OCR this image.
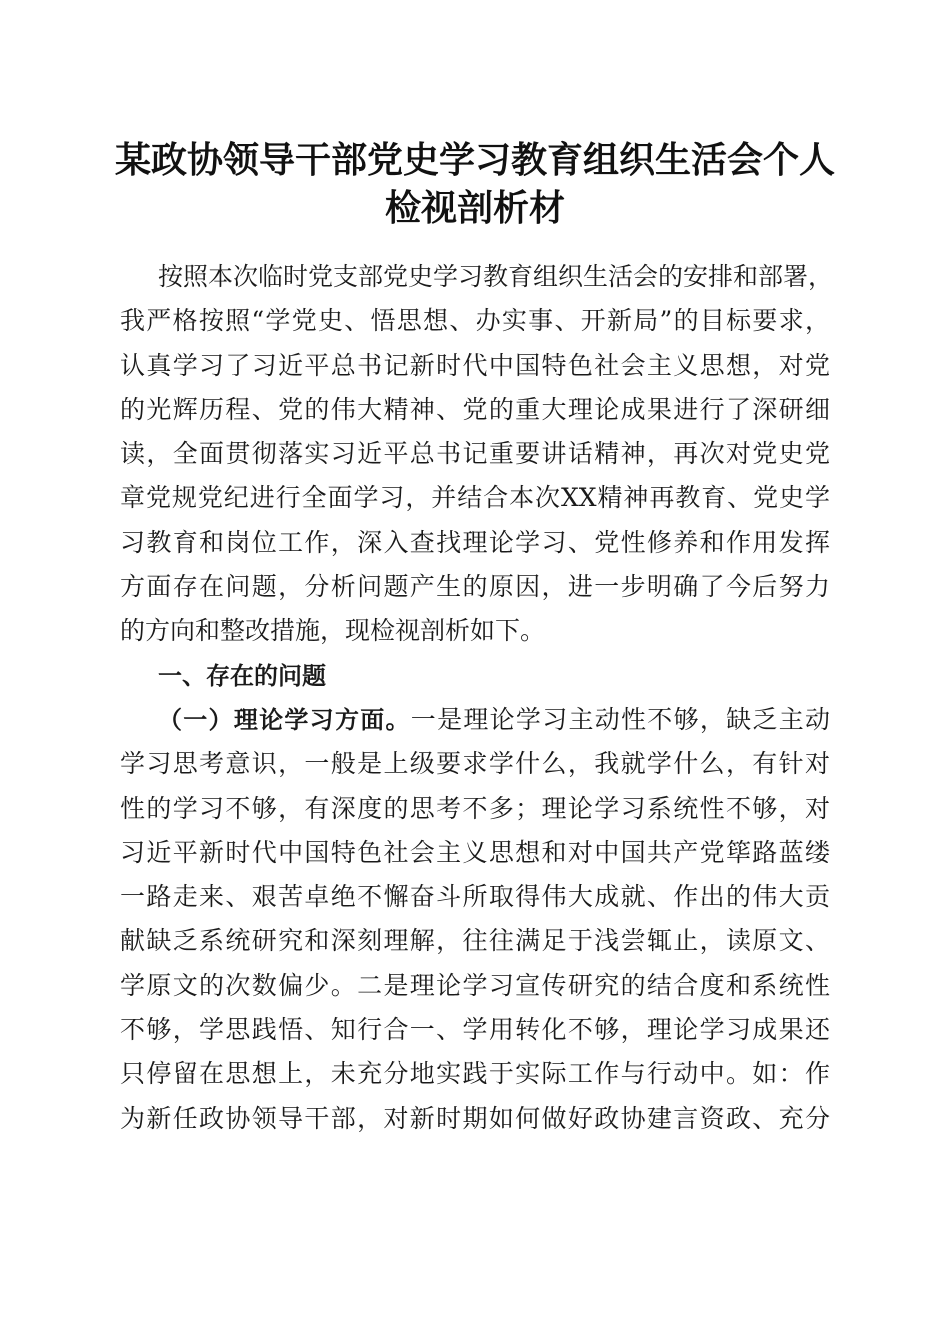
某政协领导干部党史学习教育组织生活会个人
检视剖析材
按照本次临时党支部党史学习教育组织生活会的安排和部署，
我严格按照“学党史、悟思想、办实事、开新局”的目标要求，
认真学习了习近平总书记新时代中国特色社会主义思想，对党
的光辉历程、党的伟大精神、党的重大理论成果进行了深研细
读，全面贯彻落实习近平总书记重要讲话精神，再次对党史党
章党规党纪进行全面学习，并结合本次XX精神再教育、党史学
习教育和岗位工作，深入查找理论学习、党性修养和作用发挥
方面存在问题，分析问题产生的原因，进一步明确了今后努力
的方向和整改措施，现检视剖析如下。
一、存在的问题
（一）理论学习方面。一是理论学习主动性不够，缺乏主动
学习思考意识，一般是上级要求学什么，我就学什么，有针对
性的学习不够，有深度的思考不多；理论学习系统性不够，对
习近平新时代中国特色社会主义思想和对中国共产党筚路蓝缕
一路走来、艰苦卓绝不懈奋斗所取得伟大成就、作出的伟大贡
献缺乏系统研究和深刻理解，往往满足于浅尝辄止，读原文、
学原文的次数偏少。二是理论学习宣传研究的结合度和系统性
不够，学思践悟、知行合一、学用转化不够，理论学习成果还
只停留在思想上，未充分地实践于实际工作与行动中。如：作
为新任政协领导干部，对新时期如何做好政协建言资政、充分
